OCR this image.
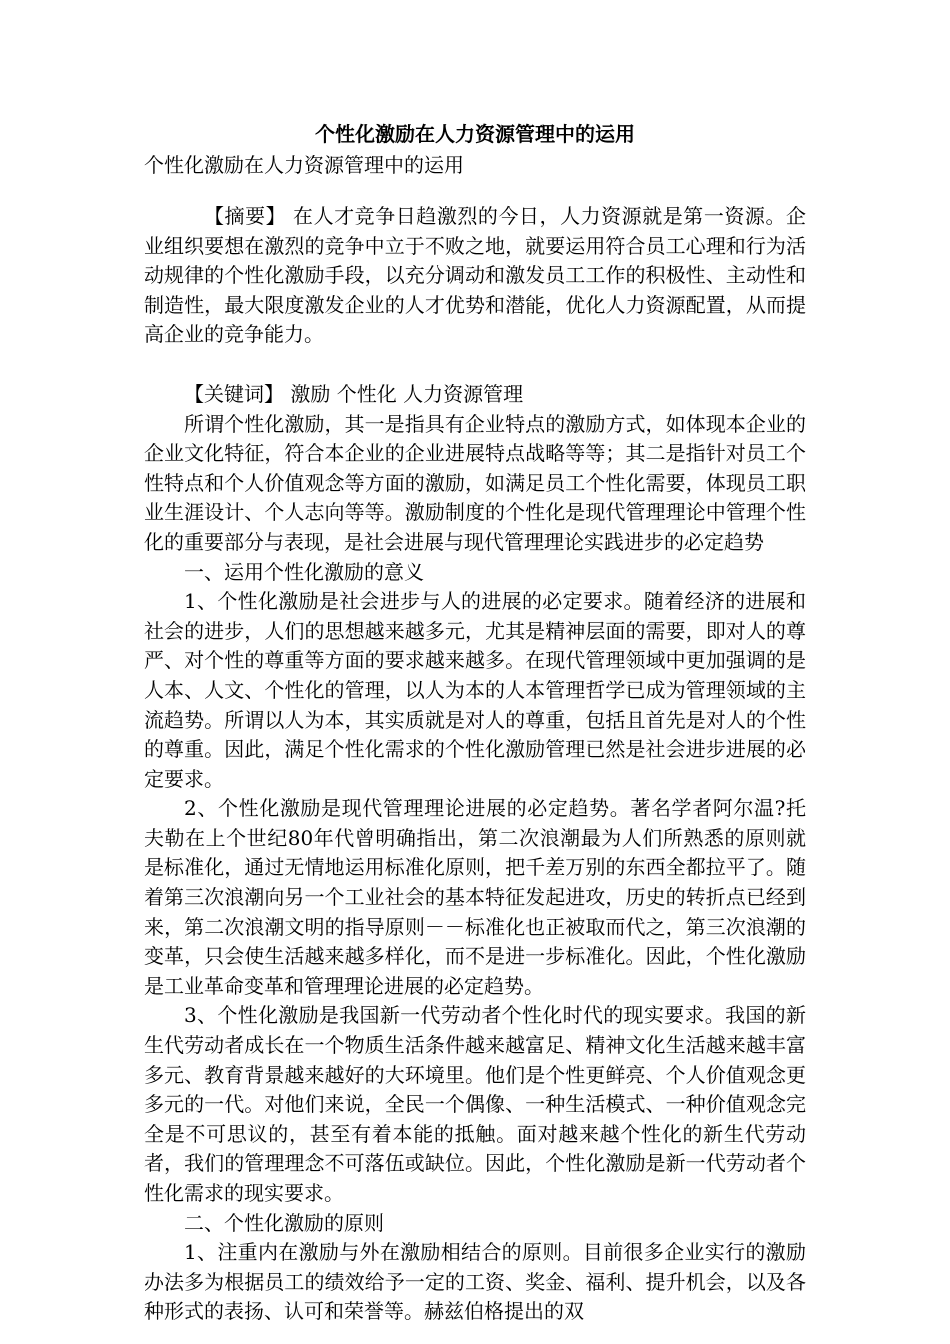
个性化激励在人力资源管理中的运用
个性化激励在人力资源管理中的运用

【摘要】 在人才竞争日趋激烈的今日，人力资源就是第一资源。企业组织要想在激烈的竞争中立于不败之地，就要运用符合员工心理和行为活动规律的个性化激励手段，以充分调动和激发员工工作的积极性、主动性和制造性，最大限度激发企业的人才优势和潜能，优化人力资源配置，从而提高企业的竞争能力。

【关键词】 激励 个性化 人力资源管理

所谓个性化激励，其一是指具有企业特点的激励方式，如体现本企业的企业文化特征，符合本企业的企业进展特点战略等等；其二是指针对员工个性特点和个人价值观念等方面的激励，如满足员工个性化需要，体现员工职业生涯设计、个人志向等等。激励制度的个性化是现代管理理论中管理个性化的重要部分与表现，是社会进展与现代管理理论实践进步的必定趋势

一、运用个性化激励的意义

1、个性化激励是社会进步与人的进展的必定要求。随着经济的进展和社会的进步，人们的思想越来越多元，尤其是精神层面的需要，即对人的尊严、对个性的尊重等方面的要求越来越多。在现代管理领域中更加强调的是人本、人文、个性化的管理，以人为本的人本管理哲学已成为管理领域的主流趋势。所谓以人为本，其实质就是对人的尊重，包括且首先是对人的个性的尊重。因此，满足个性化需求的个性化激励管理已然是社会进步进展的必定要求。

2、个性化激励是现代管理理论进展的必定趋势。著名学者阿尔温?托夫勒在上个世纪80年代曾明确指出，第二次浪潮最为人们所熟悉的原则就是标准化，通过无情地运用标准化原则，把千差万别的东西全都拉平了。随着第三次浪潮向另一个工业社会的基本特征发起进攻，历史的转折点已经到来，第二次浪潮文明的指导原则－－标准化也正被取而代之，第三次浪潮的变革，只会使生活越来越多样化，而不是进一步标准化。因此，个性化激励是工业革命变革和管理理论进展的必定趋势。

3、个性化激励是我国新一代劳动者个性化时代的现实要求。我国的新生代劳动者成长在一个物质生活条件越来越富足、精神文化生活越来越丰富多元、教育背景越来越好的大环境里。他们是个性更鲜亮、个人价值观念更多元的一代。对他们来说，全民一个偶像、一种生活模式、一种价值观念完全是不可思议的，甚至有着本能的抵触。面对越来越个性化的新生代劳动者，我们的管理理念不可落伍或缺位。因此，个性化激励是新一代劳动者个性化需求的现实要求。

二、个性化激励的原则

1、注重内在激励与外在激励相结合的原则。目前很多企业实行的激励办法多为根据员工的绩效给予一定的工资、奖金、福利、提升机会，以及各种形式的表扬、认可和荣誉等。赫兹伯格提出的双
